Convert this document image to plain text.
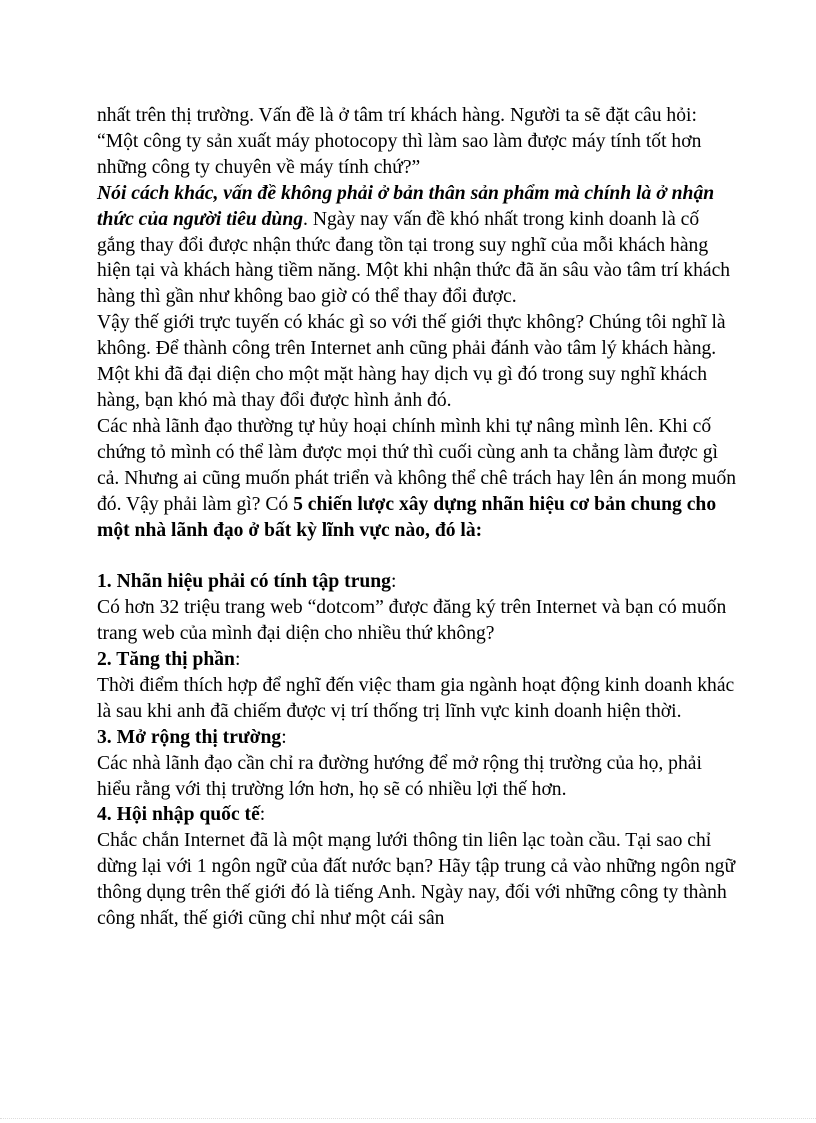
nhất trên thị trường. Vấn đề là ở tâm trí khách hàng. Người ta sẽ đặt câu hỏi: “Một công ty sản xuất máy photocopy thì làm sao làm được máy tính tốt hơn những công ty chuyên về máy tính chứ?”

Nói cách khác, vấn đề không phải ở bản thân sản phẩm mà chính là ở nhận thức của người tiêu dùng. Ngày nay vấn đề khó nhất trong kinh doanh là cố gắng thay đổi được nhận thức đang tồn tại trong suy nghĩ của mỗi khách hàng hiện tại và khách hàng tiềm năng. Một khi nhận thức đã ăn sâu vào tâm trí khách hàng thì gần như không bao giờ có thể thay đổi được.

Vậy thế giới trực tuyến có khác gì so với thế giới thực không? Chúng tôi nghĩ là không. Để thành công trên Internet anh cũng phải đánh vào tâm lý khách hàng. Một khi đã đại diện cho một mặt hàng hay dịch vụ gì đó trong suy nghĩ khách hàng, bạn khó mà thay đổi được hình ảnh đó.

Các nhà lãnh đạo thường tự hủy hoại chính mình khi tự nâng mình lên. Khi cố chứng tỏ mình có thể làm được mọi thứ thì cuối cùng anh ta chẳng làm được gì cả. Nhưng ai cũng muốn phát triển và không thể chê trách hay lên án mong muốn đó. Vậy phải làm gì? Có 5 chiến lược xây dựng nhãn hiệu cơ bản chung cho một nhà lãnh đạo ở bất kỳ lĩnh vực nào, đó là:

1. Nhãn hiệu phải có tính tập trung:

Có hơn 32 triệu trang web “dotcom” được đăng ký trên Internet và bạn có muốn trang web của mình đại diện cho nhiều thứ không?

2. Tăng thị phần:

Thời điểm thích hợp để nghĩ đến việc tham gia ngành hoạt động kinh doanh khác là sau khi anh đã chiếm được vị trí thống trị lĩnh vực kinh doanh hiện thời.

3. Mở rộng thị trường:

Các nhà lãnh đạo cần chỉ ra đường hướng để mở rộng thị trường của họ, phải hiểu rằng với thị trường lớn hơn, họ sẽ có nhiều lợi thế hơn.

4. Hội nhập quốc tế:

Chắc chắn Internet đã là một mạng lưới thông tin liên lạc toàn cầu. Tại sao chỉ dừng lại với 1 ngôn ngữ của đất nước bạn? Hãy tập trung cả vào những ngôn ngữ thông dụng trên thế giới đó là tiếng Anh. Ngày nay, đối với những công ty thành công nhất, thế giới cũng chỉ như một cái sân
